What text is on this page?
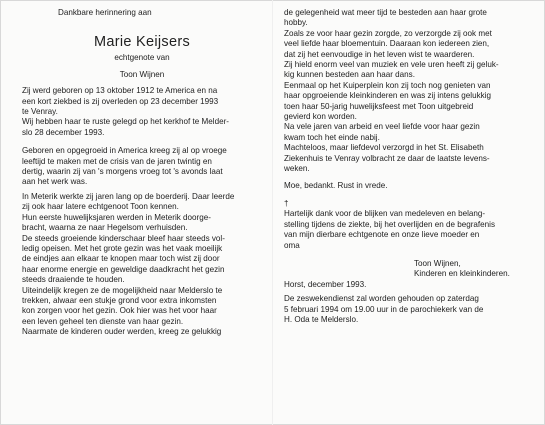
Dankbare herinnering aan
Marie Keijsers
echtgenote van
Toon Wijnen
Zij werd geboren op 13 oktober 1912 te America en na
een kort ziekbed is zij overleden op 23 december 1993
te Venray.
Wij hebben haar te ruste gelegd op het kerkhof te Melder-
slo 28 december 1993.
Geboren en opgegroeid in America kreeg zij al op vroege
leeftijd te maken met de crisis van de jaren twintig en
dertig, waarin zij van 's morgens vroeg tot 's avonds laat
aan het werk was.
In Meterik werkte zij jaren lang op de boerderij. Daar leerde
zij ook haar latere echtgenoot Toon kennen.
Hun eerste huwelijksjaren werden in Meterik doorge-
bracht, waarna ze naar Hegelsom verhuisden.
De steeds groeiende kinderschaar bleef haar steeds vol-
ledig opeisen. Met het grote gezin was het vaak moeilijk
de eindjes aan elkaar te knopen maar toch wist zij door
haar enorme energie en geweldige daadkracht het gezin
steeds draaiende te houden.
Uiteindelijk kregen ze de mogelijkheid naar Melderslo te
trekken, alwaar een stukje grond voor extra inkomsten
kon zorgen voor het gezin. Ook hier was het voor haar
een leven geheel ten dienste van haar gezin.
Naarmate de kinderen ouder werden, kreeg ze gelukkig
de gelegenheid wat meer tijd te besteden aan haar grote
hobby.
Zoals ze voor haar gezin zorgde, zo verzorgde zij ook met
veel liefde haar bloementuin. Daaraan kon iedereen zien,
dat zij het eenvoudige in het leven wist te waarderen.
Zij hield enorm veel van muziek en vele uren heeft zij geluk-
kig kunnen besteden aan haar dans.
Eenmaal op het Kuiperplein kon zij toch nog genieten van
haar opgroeiende kleinkinderen en was zij intens gelukkig
toen haar 50-jarig huwelijksfeest met Toon uitgebreid
gevierd kon worden.
Na vele jaren van arbeid en veel liefde voor haar gezin
kwam toch het einde nabij.
Machteloos, maar liefdevol verzorgd in het St. Elisabeth
Ziekenhuis te Venray volbracht ze daar de laatste levens-
weken.
Moe, bedankt. Rust in vrede.
†
Hartelijk dank voor de blijken van medeleven en belang-
stelling tijdens de ziekte, bij het overlijden en de begrafenis
van mijn dierbare echtgenote en onze lieve moeder en
oma
Toon Wijnen,
Kinderen en kleinkinderen.
Horst, december 1993.
De zeswekendienst zal worden gehouden op zaterdag
5 februari 1994 om 19.00 uur in de parochiekerk van de
H. Oda te Melderslo.
